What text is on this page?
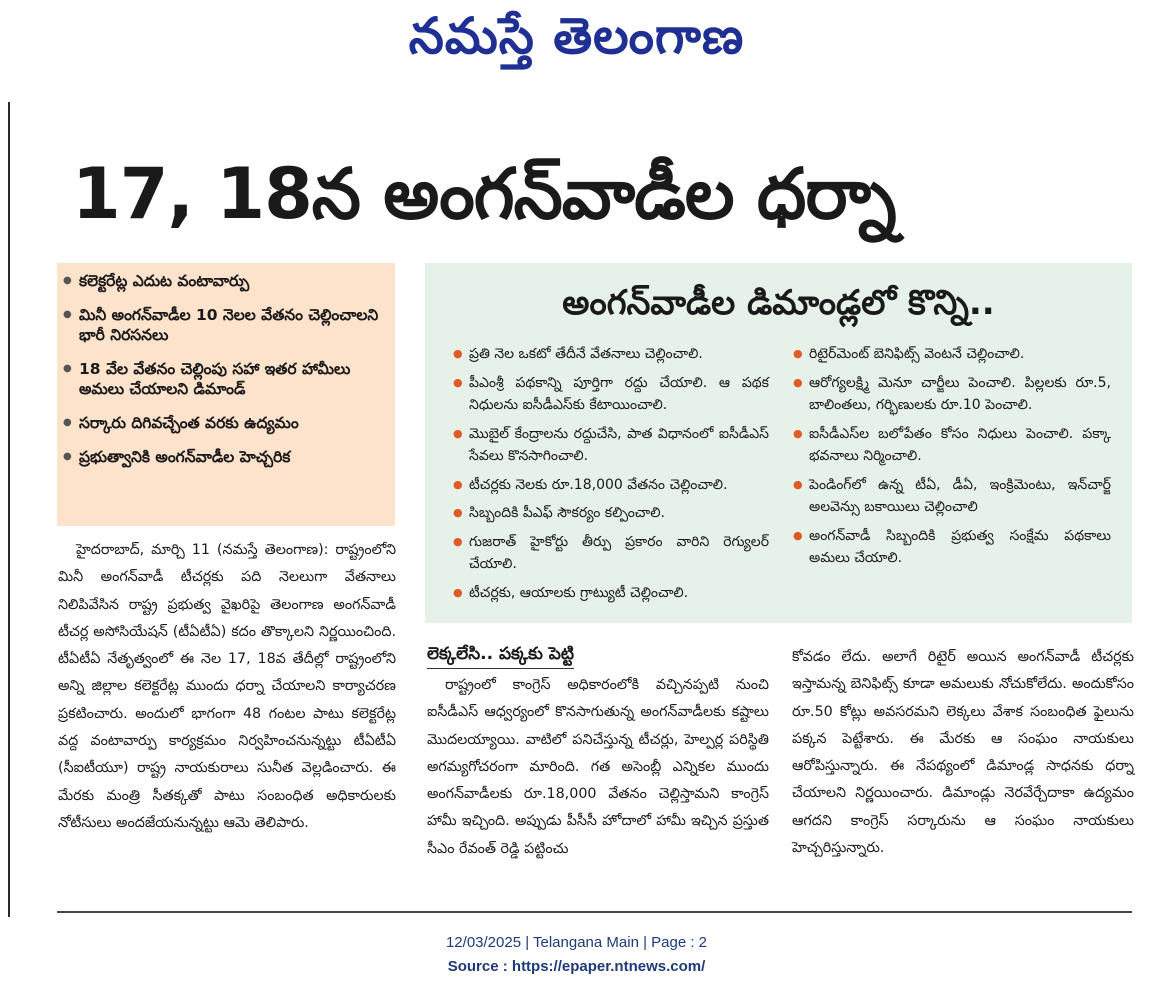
నమస్తే తెలంగాణ
17, 18న అంగన్‌వాడీల ధర్నా
● కలెక్టరేట్ల ఎదుట వంటావార్పు
● మినీ అంగన్‌వాడీల 10 నెలల వేతనం చెల్లించాలని భారీ నిరసనలు
● 18 వేల వేతనం చెల్లింపు సహా ఇతర హామీలు అమలు చేయాలని డిమాండ్
● సర్కారు దిగివచ్చేంత వరకు ఉద్యమం
● ప్రభుత్వానికి అంగన్‌వాడీల హెచ్చరిక
అంగన్‌వాడీల డిమాండ్లలో కొన్ని..
● ప్రతి నెల ఒకటో తేదీనే వేతనాలు చెల్లించాలి.
● పీఎంశ్రీ పథకాన్ని పూర్తిగా రద్దు చేయాలి. ఆ పథక నిధులను ఐసీడీఎస్‌కు కేటాయించాలి.
● మొబైల్ కేంద్రాలను రద్దుచేసి, పాత విధానంలో ఐసీడీఎస్ సేవలు కొనసాగించాలి.
● టీచర్లకు నెలకు రూ.18,000 వేతనం చెల్లించాలి.
● సిబ్బందికి పీఎఫ్ సౌకర్యం కల్పించాలి.
● గుజరాత్ హైకోర్టు తీర్పు ప్రకారం వారిని రెగ్యులర్ చేయాలి.
● టీచర్లకు, ఆయాలకు గ్రాట్యుటీ చెల్లించాలి.
● రిటైర్‌మెంట్ బెనిఫిట్స్ వెంటనే చెల్లించాలి.
● ఆరోగ్యలక్ష్మి మెనూ చార్జీలు పెంచాలి. పిల్లలకు రూ.5, బాలింతలు, గర్భిణులకు రూ.10 పెంచాలి.
● ఐసీడీఎస్‌ల బలోపేతం కోసం నిధులు పెంచాలి. పక్కా భవనాలు నిర్మించాలి.
● పెండింగ్‌లో ఉన్న టీఏ, డీఏ, ఇంక్రిమెంటు, ఇన్‌చార్జ్ అలవెన్సు బకాయిలు చెల్లించాలి
● అంగన్‌వాడీ సిబ్బందికి ప్రభుత్వ సంక్షేమ పథకాలు అమలు చేయాలి.
హైదరాబాద్, మార్చి 11 (నమస్తే తెలంగాణ): రాష్ట్రంలోని మినీ అంగన్‌వాడీ టీచర్లకు పది నెలలుగా వేతనాలు నిలిపివేసిన రాష్ట్ర ప్రభుత్వ వైఖరిపై తెలంగాణ అంగన్‌వాడీ టీచర్ల అసోసియేషన్ (టీఏటీఏ) కదం తొక్కాలని నిర్ణయించింది. టీఏటీఏ నేతృత్వంలో ఈ నెల 17, 18వ తేదీల్లో రాష్ట్రంలోని అన్ని జిల్లాల కలెక్టరేట్ల ముందు ధర్నా చేయాలని కార్యాచరణ ప్రకటించారు. అందులో భాగంగా 48 గంటల పాటు కలెక్టరేట్ల వద్ద వంటావార్పు కార్యక్రమం నిర్వహించనున్నట్టు టీఏటీఏ (సీఐటీయూ) రాష్ట్ర నాయకురాలు సునీత వెల్లడించారు. ఈ మేరకు మంత్రి సీతక్కతో పాటు సంబంధిత అధికారులకు నోటీసులు అందజేయనున్నట్టు ఆమె తెలిపారు.
లెక్కలేసి.. పక్కకు పెట్టి
రాష్ట్రంలో కాంగ్రెస్ అధికారంలోకి వచ్చినప్పటి నుంచి ఐసీడీఎస్ ఆధ్వర్యంలో కొనసాగుతున్న అంగన్‌వాడీలకు కష్టాలు మొదలయ్యాయి. వాటిలో పనిచేస్తున్న టీచర్లు, హెల్పర్ల పరిస్థితి అగమ్యగోచరంగా మారింది. గత అసెంబ్లీ ఎన్నికల ముందు అంగన్‌వాడీలకు రూ.18,000 వేతనం చెల్లిస్తామని కాంగ్రెస్ హామీ ఇచ్చింది. అప్పుడు పీసీసీ హోదాలో హామీ ఇచ్చిన ప్రస్తుత సీఎం రేవంత్ రెడ్డి పట్టించు
కోవడం లేదు. అలాగే రిటైర్ అయిన అంగన్‌వాడీ టీచర్లకు ఇస్తామన్న బెనిఫిట్స్ కూడా అమలుకు నోచుకోలేదు. అందుకోసం రూ.50 కోట్లు అవసరమని లెక్కలు వేశాక సంబంధిత ఫైలును పక్కన పెట్టేశారు. ఈ మేరకు ఆ సంఘం నాయకులు ఆరోపిస్తున్నారు. ఈ నేపథ్యంలో డిమాండ్ల సాధనకు ధర్నా చేయాలని నిర్ణయించారు. డిమాండ్లు నెరవేర్చేదాకా ఉద్యమం ఆగదని కాంగ్రెస్ సర్కారును ఆ సంఘం నాయకులు హెచ్చరిస్తున్నారు.
12/03/2025 | Telangana Main | Page : 2
Source : https://epaper.ntnews.com/
